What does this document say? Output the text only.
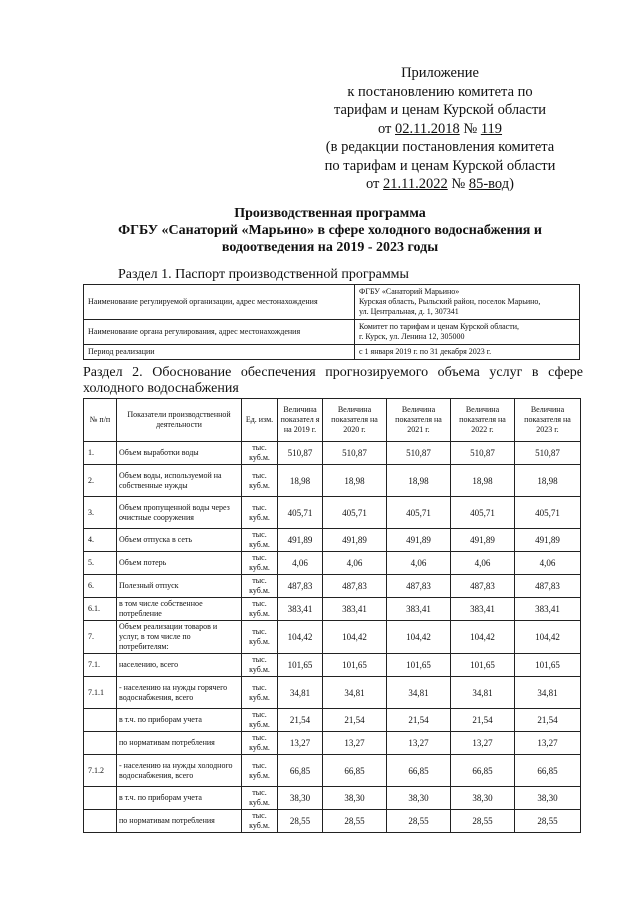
Приложение
к постановлению комитета по
тарифам и ценам Курской области
от 02.11.2018 № 119
(в редакции постановления комитета
по тарифам и ценам Курской области
от 21.11.2022 № 85-вод)
Производственная программа
ФГБУ «Санаторий «Марьино» в сфере холодного водоснабжения и
водоотведения на 2019 - 2023 годы
Раздел 1. Паспорт производственной программы
Наименование регулируемой организации, адрес местонахождения	ФГБУ «Санаторий Марьино»
Курская область, Рыльский район, поселок Марьино,
ул. Центральная, д. 1, 307341

Наименование органа регулирования, адрес местонахождения	Комитет по тарифам и ценам Курской области,
г. Курск, ул. Ленина 12, 305000

Период реализации	с 1 января 2019 г. по 31 декабря 2023 г.
Раздел 2. Обоснование обеспечения прогнозируемого объема услуг в сфере холодного водоснабжения
№ п/п	Показатели производственной деятельности	Ед. изм.	Величина показател я на 2019 г.	Величина показателя на 2020 г.	Величина показателя на 2021 г.	Величина показателя на 2022 г.	Величина показателя на 2023 г.
1.	Объем выработки воды	тыс. куб.м.	510,87	510,87	510,87	510,87	510,87
2.	Объем воды, используемой на собственные нужды	тыс. куб.м.	18,98	18,98	18,98	18,98	18,98
3.	Объем пропущенной воды через очистные сооружения	тыс. куб.м.	405,71	405,71	405,71	405,71	405,71
4.	Объем отпуска в сеть	тыс. куб.м.	491,89	491,89	491,89	491,89	491,89
5.	Объем потерь	тыс. куб.м.	4,06	4,06	4,06	4,06	4,06
6.	Полезный отпуск	тыс. куб.м.	487,83	487,83	487,83	487,83	487,83
6.1.	в том числе собственное потребление	тыс. куб.м.	383,41	383,41	383,41	383,41	383,41
7.	Объем реализации товаров и услуг, в том числе по потребителям:	тыс. куб.м.	104,42	104,42	104,42	104,42	104,42
7.1.	населению, всего	тыс. куб.м.	101,65	101,65	101,65	101,65	101,65
7.1.1	- населению на нужды горячего водоснабжения, всего	тыс. куб.м.	34,81	34,81	34,81	34,81	34,81
	в т.ч. по приборам учета	тыс. куб.м.	21,54	21,54	21,54	21,54	21,54
	по нормативам потребления	тыс. куб.м.	13,27	13,27	13,27	13,27	13,27
7.1.2	- населению на нужды холодного водоснабжения, всего	тыс. куб.м.	66,85	66,85	66,85	66,85	66,85
	в т.ч. по приборам учета	тыс. куб.м.	38,30	38,30	38,30	38,30	38,30
	по нормативам потребления	тыс. куб.м.	28,55	28,55	28,55	28,55	28,55
